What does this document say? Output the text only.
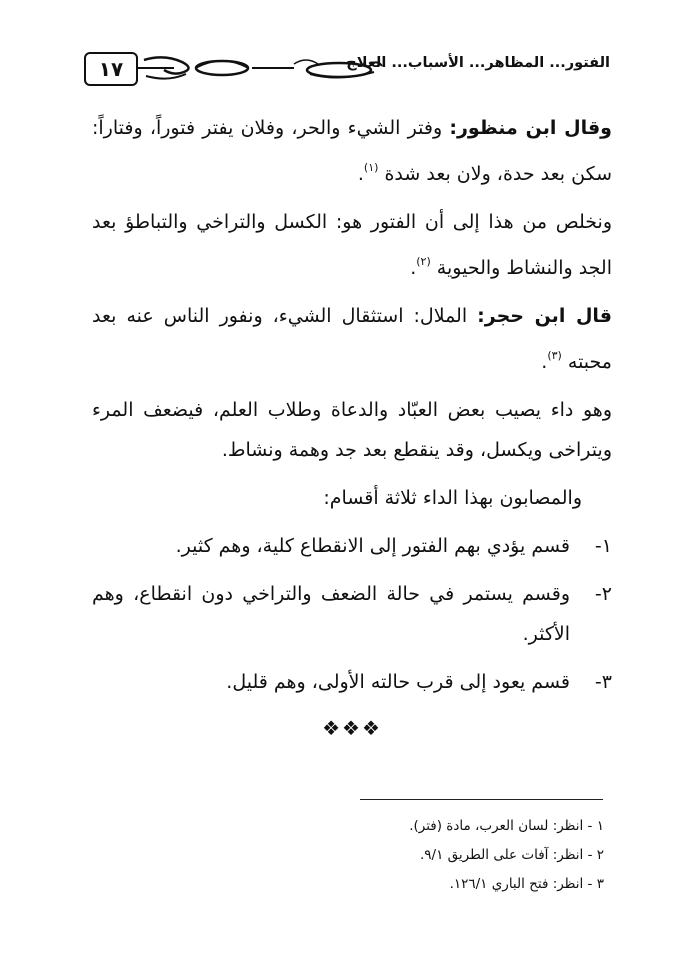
١٧	الفتور... المظاهر... الأسباب... العلاج

وقال ابن منظور: وفتر الشيء والحر، وفلان يفتر فتوراً، وفتاراً: سكن بعد حدة، ولان بعد شدة $^{(١)}$.

ونخلص من هذا إلى أن الفتور هو: الكسل والتراخي والتباطؤ بعد الجد والنشاط والحيوية $^{(٢)}$.

قال ابن حجر: الملال: استثقال الشيء، ونفور الناس عنه بعد محبته $^{(٣)}$.

وهو داء يصيب بعض العبّاد والدعاة وطلاب العلم، فيضعف المرء ويتراخى ويكسل، وقد ينقطع بعد جد وهمة ونشاط.

والمصابون بهذا الداء ثلاثة أقسام:

١-
قسم يؤدي بهم الفتور إلى الانقطاع كلية، وهم كثير.
٢-
وقسم يستمر في حالة الضعف والتراخي دون انقطاع، وهم الأكثر.
٣-
قسم يعود إلى قرب حالته الأولى، وهم قليل.
❖❖❖

١ - انظر: لسان العرب، مادة (فتر).

٢ - انظر: آفات على الطريق ٩/١.

٣ - انظر: فتح الباري ١٢٦/١.
